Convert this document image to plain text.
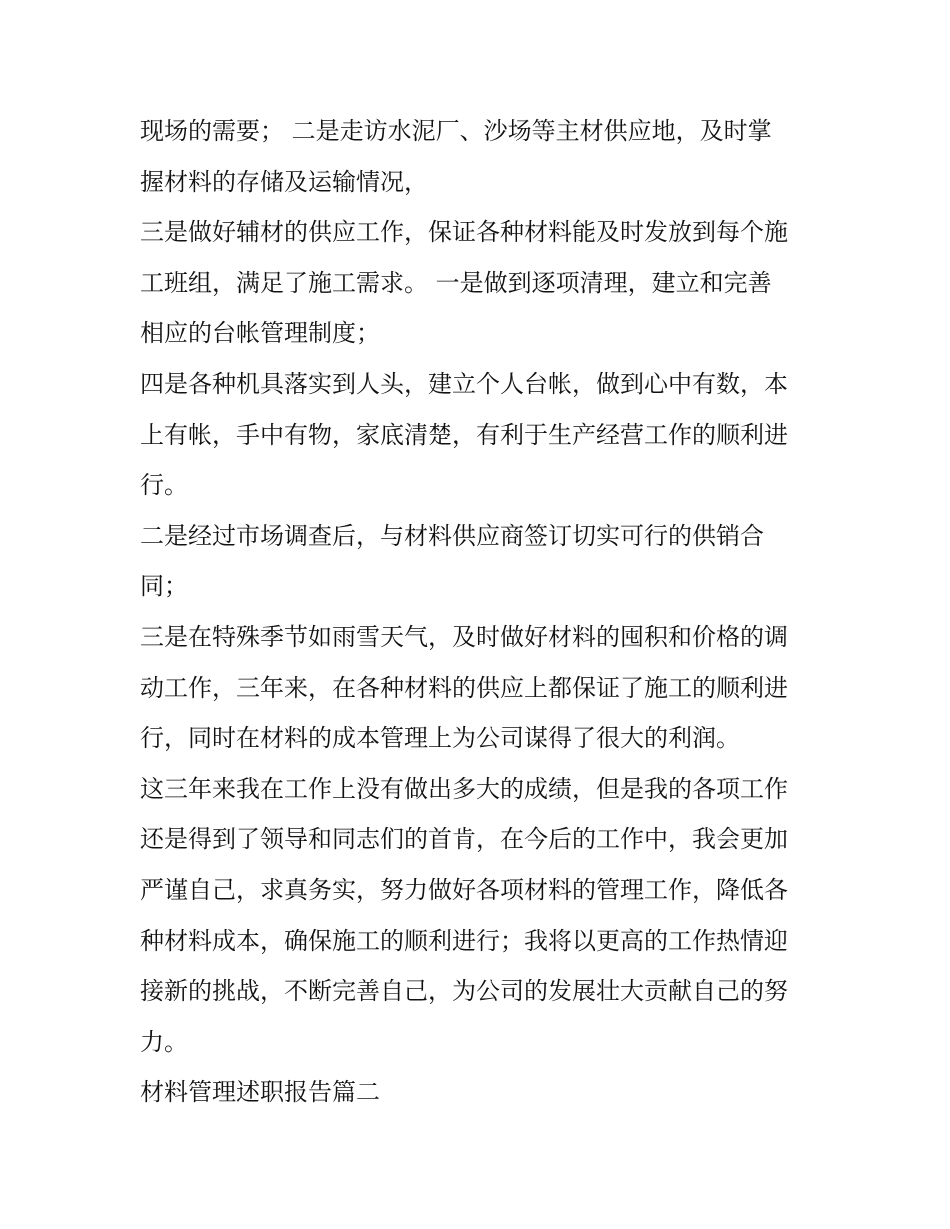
现场的需要； 二是走访水泥厂、沙场等主材供应地，及时掌
握材料的存储及运输情况，
三是做好辅材的供应工作，保证各种材料能及时发放到每个施
工班组，满足了施工需求。 一是做到逐项清理，建立和完善
相应的台帐管理制度；
四是各种机具落实到人头，建立个人台帐，做到心中有数，本
上有帐，手中有物，家底清楚，有利于生产经营工作的顺利进
行。
二是经过市场调查后，与材料供应商签订切实可行的供销合
同；
三是在特殊季节如雨雪天气，及时做好材料的囤积和价格的调
动工作，三年来，在各种材料的供应上都保证了施工的顺利进
行，同时在材料的成本管理上为公司谋得了很大的利润。
这三年来我在工作上没有做出多大的成绩，但是我的各项工作
还是得到了领导和同志们的首肯，在今后的工作中，我会更加
严谨自己，求真务实，努力做好各项材料的管理工作，降低各
种材料成本，确保施工的顺利进行；我将以更高的工作热情迎
接新的挑战，不断完善自己，为公司的发展壮大贡献自己的努
力。
材料管理述职报告篇二
